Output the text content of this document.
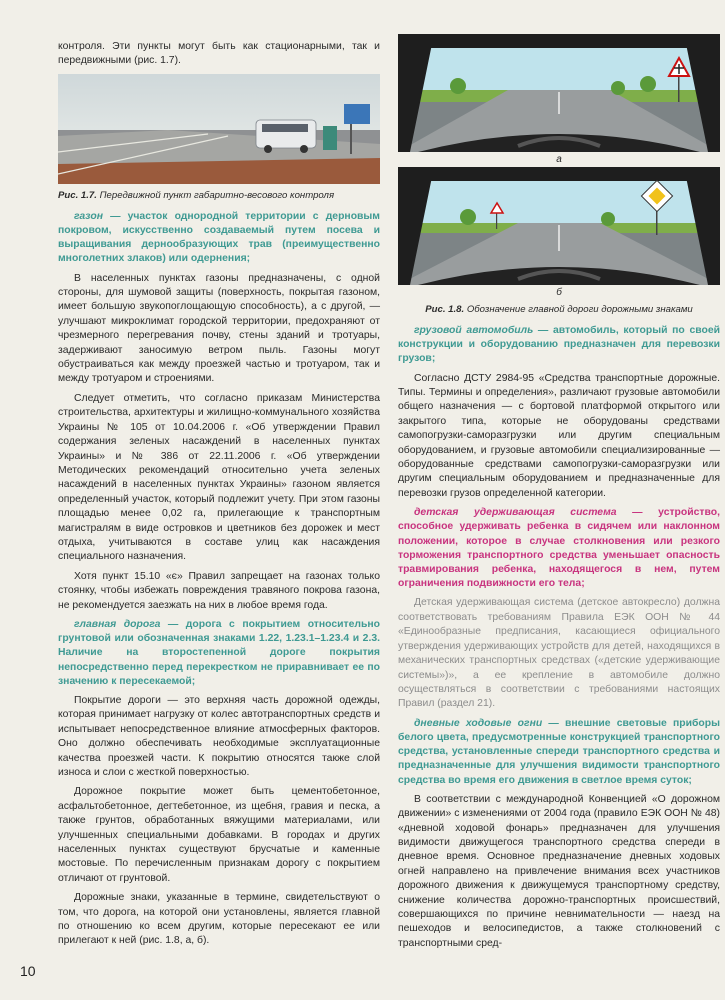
контроля. Эти пункты могут быть как стационарными, так и передвижными (рис. 1.7).

Рис. 1.7. Передвижной пункт габаритно-весового контроля

газон — участок однородной территории с дерновым покровом, искусственно создаваемый путем посева и выращивания дернообразующих трав (преимущественно многолетних злаков) или одернения;

В населенных пунктах газоны предназначены, с одной стороны, для шумовой защиты (поверхность, покрытая газоном, имеет большую звукопоглощающую способность), а с другой, — улучшают микроклимат городской территории, предохраняют от чрезмерного перегревания почву, стены зданий и тротуары, задерживают заносимую ветром пыль. Газоны могут обустраиваться как между проезжей частью и тротуаром, так и между тротуаром и строениями.

Следует отметить, что согласно приказам Министерства строительства, архитектуры и жилищно-коммунального хозяйства Украины № 105 от 10.04.2006 г. «Об утверждении Правил содержания зеленых насаждений в населенных пунктах Украины» и № 386 от 22.11.2006 г. «Об утверждении Методических рекомендаций относительно учета зеленых насаждений в населенных пунктах Украины» газоном является определенный участок, который подлежит учету. При этом газоны площадью менее 0,02 га, прилегающие к транспортным магистралям в виде островков и цветников без дорожек и мест отдыха, учитываются в составе улиц как насаждения специального назначения.

Хотя пункт 15.10 «є» Правил запрещает на газонах только стоянку, чтобы избежать повреждения травяного покрова газона, не рекомендуется заезжать на них в любое время года.

главная дорога — дорога с покрытием относительно грунтовой или обозначенная знаками 1.22, 1.23.1–1.23.4 и 2.3. Наличие на второстепенной дороге покрытия непосредственно перед перекрестком не приравнивает ее по значению к пересекаемой;

Покрытие дороги — это верхняя часть дорожной одежды, которая принимает нагрузку от колес автотранспортных средств и испытывает непосредственное влияние атмосферных факторов. Оно должно обеспечивать необходимые эксплуатационные качества проезжей части. К покрытию относятся также слой износа и слои с жесткой поверхностью.

Дорожное покрытие может быть цементобетонное, асфальтобетонное, дегтебетонное, из щебня, гравия и песка, а также грунтов, обработанных вяжущими материалами, или улучшенных специальными добавками. В городах и других населенных пунктах существуют брусчатые и каменные мостовые. По перечисленным признакам дорогу с покрытием отличают от грунтовой.

Дорожные знаки, указанные в термине, свидетельствуют о том, что дорога, на которой они установлены, является главной по отношению ко всем другим, которые пересекают ее или прилегают к ней (рис. 1.8, а, б).

а
б

Рис. 1.8. Обозначение главной дороги дорожными знаками

грузовой автомобиль — автомобиль, который по своей конструкции и оборудованию предназначен для перевозки грузов;

Согласно ДСТУ 2984-95 «Средства транспортные дорожные. Типы. Термины и определения», различают грузовые автомобили общего назначения — с бортовой платформой открытого или закрытого типа, которые не оборудованы средствами самопогрузки-саморазгрузки или другим специальным оборудованием, и грузовые автомобили специализированные — оборудованные средствами самопогрузки-саморазгрузки или другим специальным оборудованием и предназначенные для перевозки грузов определенной категории.

детская удерживающая система — устройство, способное удерживать ребенка в сидячем или наклонном положении, которое в случае столкновения или резкого торможения транспортного средства уменьшает опасность травмирования ребенка, находящегося в нем, путем ограничения подвижности его тела;

Детская удерживающая система (детское автокресло) должна соответствовать требованиям Правила ЕЭК ООН № 44 «Единообразные предписания, касающиеся официального утверждения удерживающих устройств для детей, находящихся в механических транспортных средствах («детские удерживающие системы»)», а ее крепление в автомобиле должно осуществляться в соответствии с требованиями настоящих Правил (раздел 21).

дневные ходовые огни — внешние световые приборы белого цвета, предусмотренные конструкцией транспортного средства, установленные спереди транспортного средства и предназначенные для улучшения видимости транспортного средства во время его движения в светлое время суток;

В соответствии с международной Конвенцией «О дорожном движении» с изменениями от 2004 года (правило ЕЭК ООН № 48) «дневной ходовой фонарь» предназначен для улучшения видимости движущегося транспортного средства спереди в дневное время. Основное предназначение дневных ходовых огней направлено на привлечение внимания всех участников дорожного движения к движущемуся транспортному средству, снижение количества дорожно-транспортных происшествий, совершающихся по причине невнимательности — наезд на пешеходов и велосипедистов, а также столкновений с транспортными сред-

10
